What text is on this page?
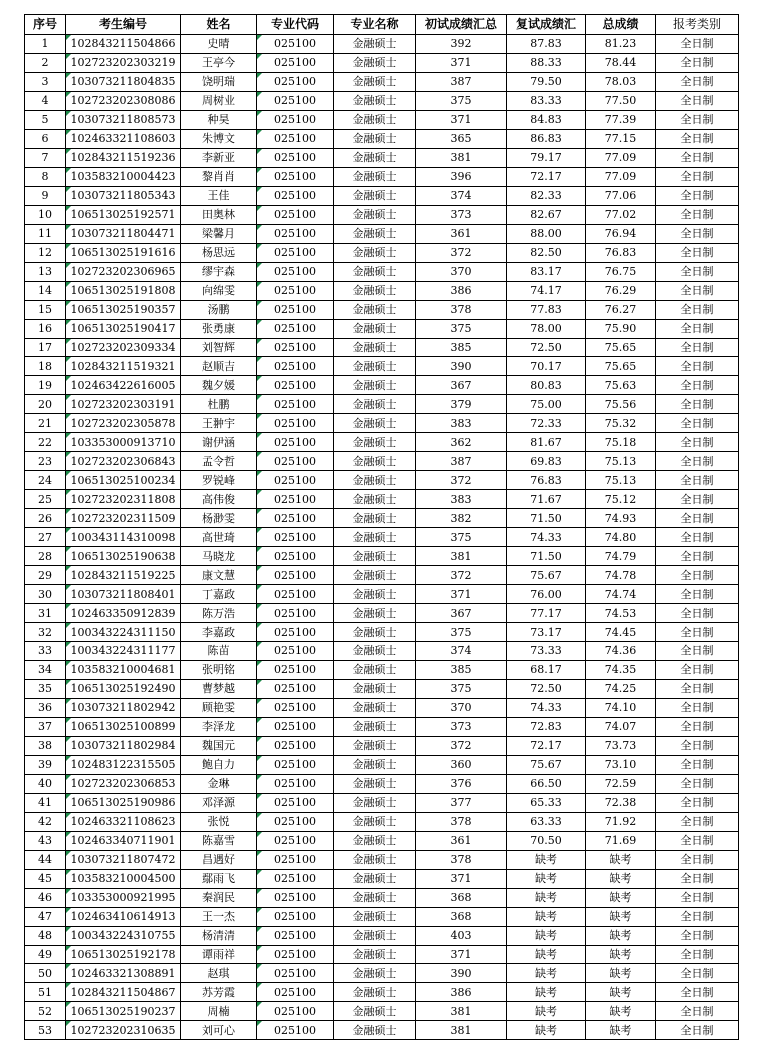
序号	考生编号	姓名	专业代码	专业名称	初试成绩汇总	复试成绩汇	总成绩	报考类别
1	102843211504866	史晴	025100	金融硕士	392	87.83	81.23	全日制
2	102723202303219	王亭今	025100	金融硕士	371	88.33	78.44	全日制
3	103073211804835	饶明瑞	025100	金融硕士	387	79.50	78.03	全日制
4	102723202308086	周树业	025100	金融硕士	375	83.33	77.50	全日制
5	103073211808573	种昊	025100	金融硕士	371	84.83	77.39	全日制
6	102463321108603	朱博文	025100	金融硕士	365	86.83	77.15	全日制
7	102843211519236	李新亚	025100	金融硕士	381	79.17	77.09	全日制
8	103583210004423	黎肖肖	025100	金融硕士	396	72.17	77.09	全日制
9	103073211805343	王佳	025100	金融硕士	374	82.33	77.06	全日制
10	106513025192571	田奥林	025100	金融硕士	373	82.67	77.02	全日制
11	103073211804471	梁馨月	025100	金融硕士	361	88.00	76.94	全日制
12	106513025191616	杨思远	025100	金融硕士	372	82.50	76.83	全日制
13	102723202306965	缪宇森	025100	金融硕士	370	83.17	76.75	全日制
14	106513025191808	向绵雯	025100	金融硕士	386	74.17	76.29	全日制
15	106513025190357	汤鹏	025100	金融硕士	378	77.83	76.27	全日制
16	106513025190417	张勇康	025100	金融硕士	375	78.00	75.90	全日制
17	102723202309334	刘智辉	025100	金融硕士	385	72.50	75.65	全日制
18	102843211519321	赵顺吉	025100	金融硕士	390	70.17	75.65	全日制
19	102463422616005	魏夕媛	025100	金融硕士	367	80.83	75.63	全日制
20	102723202303191	杜鹏	025100	金融硕士	379	75.00	75.56	全日制
21	102723202305878	王翀宇	025100	金融硕士	383	72.33	75.32	全日制
22	103353000913710	谢伊涵	025100	金融硕士	362	81.67	75.18	全日制
23	102723202306843	孟令哲	025100	金融硕士	387	69.83	75.13	全日制
24	106513025100234	罗锐峰	025100	金融硕士	372	76.83	75.13	全日制
25	102723202311808	高伟俊	025100	金融硕士	383	71.67	75.12	全日制
26	102723202311509	杨渺雯	025100	金融硕士	382	71.50	74.93	全日制
27	100343114310098	高世琦	025100	金融硕士	375	74.33	74.80	全日制
28	106513025190638	马晓龙	025100	金融硕士	381	71.50	74.79	全日制
29	102843211519225	康文慧	025100	金融硕士	372	75.67	74.78	全日制
30	103073211808401	丁嘉政	025100	金融硕士	371	76.00	74.74	全日制
31	102463350912839	陈万浩	025100	金融硕士	367	77.17	74.53	全日制
32	100343224311150	李嘉政	025100	金融硕士	375	73.17	74.45	全日制
33	100343224311177	陈苗	025100	金融硕士	374	73.33	74.36	全日制
34	103583210004681	张明铭	025100	金融硕士	385	68.17	74.35	全日制
35	106513025192490	曹梦越	025100	金融硕士	375	72.50	74.25	全日制
36	103073211802942	顾艳雯	025100	金融硕士	370	74.33	74.10	全日制
37	106513025100899	李泽龙	025100	金融硕士	373	72.83	74.07	全日制
38	103073211802984	魏国元	025100	金融硕士	372	72.17	73.73	全日制
39	102483122315505	鲍自力	025100	金融硕士	360	75.67	73.10	全日制
40	102723202306853	金琳	025100	金融硕士	376	66.50	72.59	全日制
41	106513025190986	邓泽源	025100	金融硕士	377	65.33	72.38	全日制
42	102463321108623	张悦	025100	金融硕士	378	63.33	71.92	全日制
43	102463340711901	陈嘉雪	025100	金融硕士	361	70.50	71.69	全日制
44	103073211807472	昌遇好	025100	金融硕士	378	缺考	缺考	全日制
45	103583210004500	鄢雨飞	025100	金融硕士	371	缺考	缺考	全日制
46	103353000921995	秦润民	025100	金融硕士	368	缺考	缺考	全日制
47	102463410614913	王一杰	025100	金融硕士	368	缺考	缺考	全日制
48	100343224310755	杨清清	025100	金融硕士	403	缺考	缺考	全日制
49	106513025192178	谭雨祥	025100	金融硕士	371	缺考	缺考	全日制
50	102463321308891	赵琪	025100	金融硕士	390	缺考	缺考	全日制
51	102843211504867	苏芳霞	025100	金融硕士	386	缺考	缺考	全日制
52	106513025190237	周楠	025100	金融硕士	381	缺考	缺考	全日制
53	102723202310635	刘可心	025100	金融硕士	381	缺考	缺考	全日制
